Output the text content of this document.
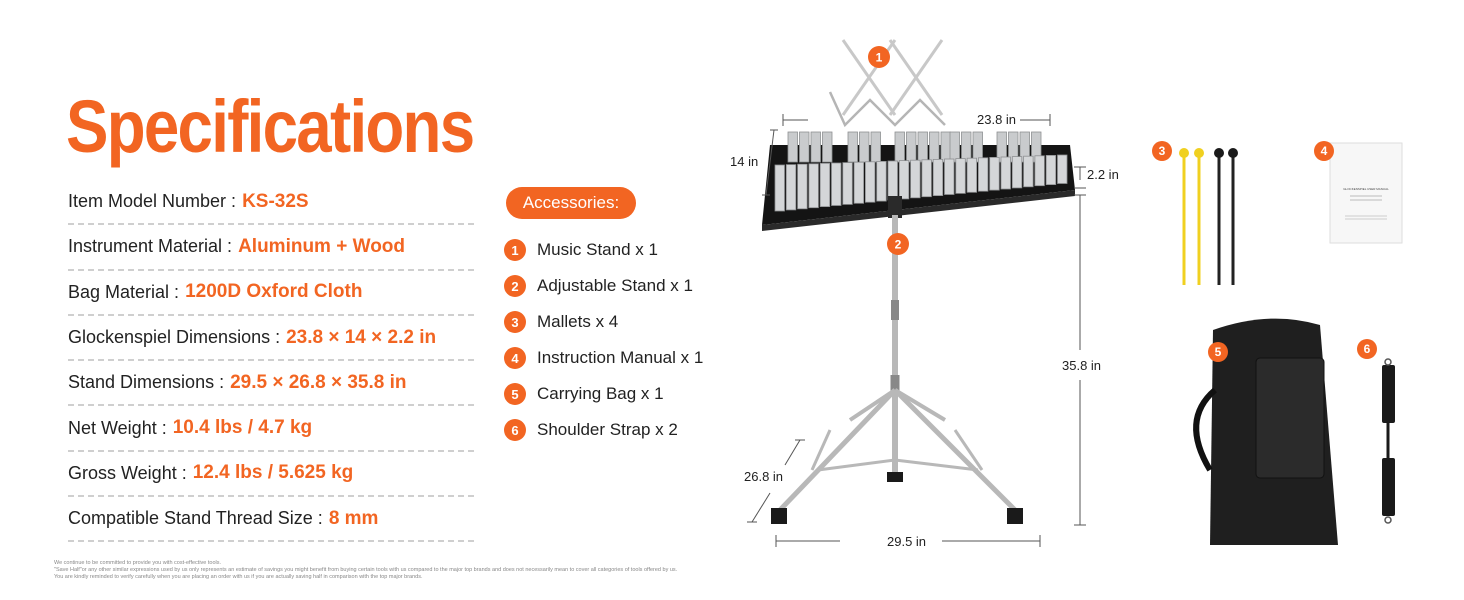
Specifications
Item Model Number : KS-32S
Instrument Material : Aluminum + Wood
Bag Material : 1200D Oxford Cloth
Glockenspiel Dimensions : 23.8 × 14 × 2.2 in
Stand Dimensions : 29.5 × 26.8 × 35.8 in
Net Weight : 10.4 lbs / 4.7 kg
Gross Weight : 12.4 lbs / 5.625 kg
Compatible Stand Thread Size : 8 mm
Accessories:
1	Music Stand x 1
2	Adjustable Stand x 1
3	Mallets x 4
4	Instruction Manual x 1
5	Carrying Bag x 1
6	Shoulder Strap x 2
1
2
23.8 in
14 in
2.2 in
35.8 in
26.8 in
29.5 in
3
GLOCKENSPIEL USER MANUAL
4
5	6
We continue to be committed to provide you with cost-effective tools.
"Save Half"or any other similar expressions used by us only represents an estimate of savings you might benefit from buying certain tools with us compared to the major top brands and does not necessarily mean to cover all categories of tools offered by us.
You are kindly reminded to verify carefully when you are placing an order with us if you are actually saving half in comparison with the top major brands.
